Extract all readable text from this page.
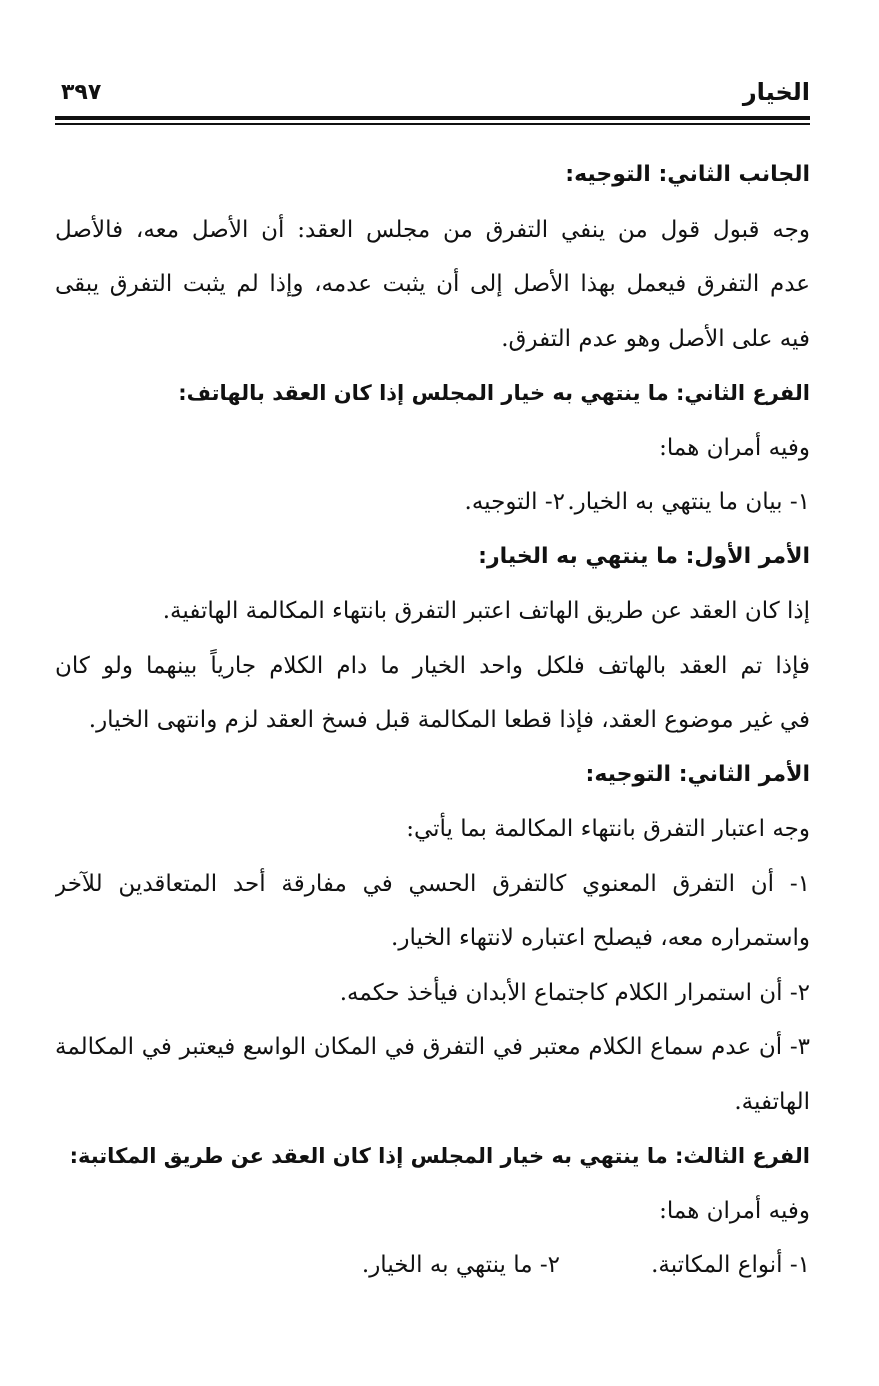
الخيار
٣٩٧
الجانب الثاني: التوجيه:
وجه قبول قول من ينفي التفرق من مجلس العقد: أن الأصل معه، فالأصل
عدم التفرق فيعمل بهذا الأصل إلى أن يثبت عدمه، وإذا لم يثبت التفرق يبقى
فيه على الأصل وهو عدم التفرق.
الفرع الثاني: ما ينتهي به خيار المجلس إذا كان العقد بالهاتف:
وفيه أمران هما:
١- بيان ما ينتهي به الخيار.
٢- التوجيه.
الأمر الأول: ما ينتهي به الخيار:
إذا كان العقد عن طريق الهاتف اعتبر التفرق بانتهاء المكالمة الهاتفية.
فإذا تم العقد بالهاتف فلكل واحد الخيار ما دام الكلام جارياً بينهما ولو كان
في غير موضوع العقد، فإذا قطعا المكالمة قبل فسخ العقد لزم وانتهى الخيار.
الأمر الثاني: التوجيه:
وجه اعتبار التفرق بانتهاء المكالمة بما يأتي:
١- أن التفرق المعنوي كالتفرق الحسي في مفارقة أحد المتعاقدين للآخر
واستمراره معه، فيصلح اعتباره لانتهاء الخيار.
٢- أن استمرار الكلام كاجتماع الأبدان فيأخذ حكمه.
٣- أن عدم سماع الكلام معتبر في التفرق في المكان الواسع فيعتبر في المكالمة
الهاتفية.
الفرع الثالث: ما ينتهي به خيار المجلس إذا كان العقد عن طريق المكاتبة:
وفيه أمران هما:
١- أنواع المكاتبة.
٢- ما ينتهي به الخيار.
